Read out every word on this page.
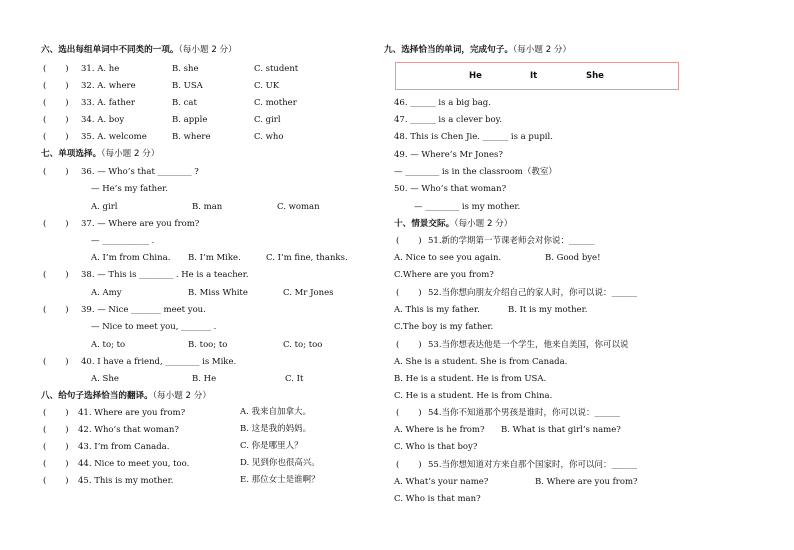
六、选出每组单词中不同类的一项。（每小题 2 分）
(       ) 31. A. he	B. she	C. student
(       ) 32. A. where	B. USA	C. UK
(       ) 33. A. father	B. cat	C. mother
(       ) 34. A. boy	B. apple	C. girl
(       ) 35. A. welcome	B. where	C. who
七、单项选择。（每小题 2 分）
(       ) 36. — Who’s that ________ ?
— He’s my father.
A. girl	B. man	C. woman
(       ) 37. — Where are you from?
— ___________ .
A. I’m from China. B. I’m Mike.	C. I’m fine, thanks.
(       ) 38. — This is ________ . He is a teacher.
A. Amy	B. Miss White	C. Mr Jones
(       ) 39. — Nice _______ meet you.
— Nice to meet you, _______ .
A. to; to	B. too; to	C. to; too
(       ) 40. I have a friend, ________ is Mike.
A. She	B. He	C. It
八、给句子选择恰当的翻译。（每小题 2 分）
(       ) 41. Where are you from?	A. 我来自加拿大。
(       ) 42. Who’s that woman?	B. 这是我的妈妈。
(       ) 43. I’m from Canada.	C. 你是哪里人？
(       ) 44. Nice to meet you, too.	D. 见到你也很高兴。
(       ) 45. This is my mother.	E. 那位女士是谁啊？
九、选择恰当的单词，完成句子。（每小题 2 分）
He	It	She
46. ______ is a big bag.
47. ______ is a clever boy.
48. This is Chen Jie. ______ is a pupil.
49. — Where’s Mr Jones?
— ________ is in the classroom（教室）
50. — Who’s that woman?
— ________ is my mother.
十、情景交际。（每小题 2 分）
(       ) 51.新的学期第一节课老师会对你说：______
A. Nice to see you again.	B. Good bye!
C.Where are you from?
(       ) 52.当你想向朋友介绍自己的家人时，你可以说：______
A. This is my father.	B. It is my mother.
C.The boy is my father.
(       ) 53.当你想表达他是一个学生，他来自美国，你可以说
A. She is a student. She is from Canada.
B. He is a student. He is from USA.
C. He is a student. He is from China.
(       ) 54.当你不知道那个男孩是谁时，你可以说：______
A. Where is he from? B. What is that girl’s name?
C. Who is that boy?
(       ) 55.当你想知道对方来自那个国家时，你可以问：______
A. What’s your name?	B. Where are you from?
C. Who is that man?
